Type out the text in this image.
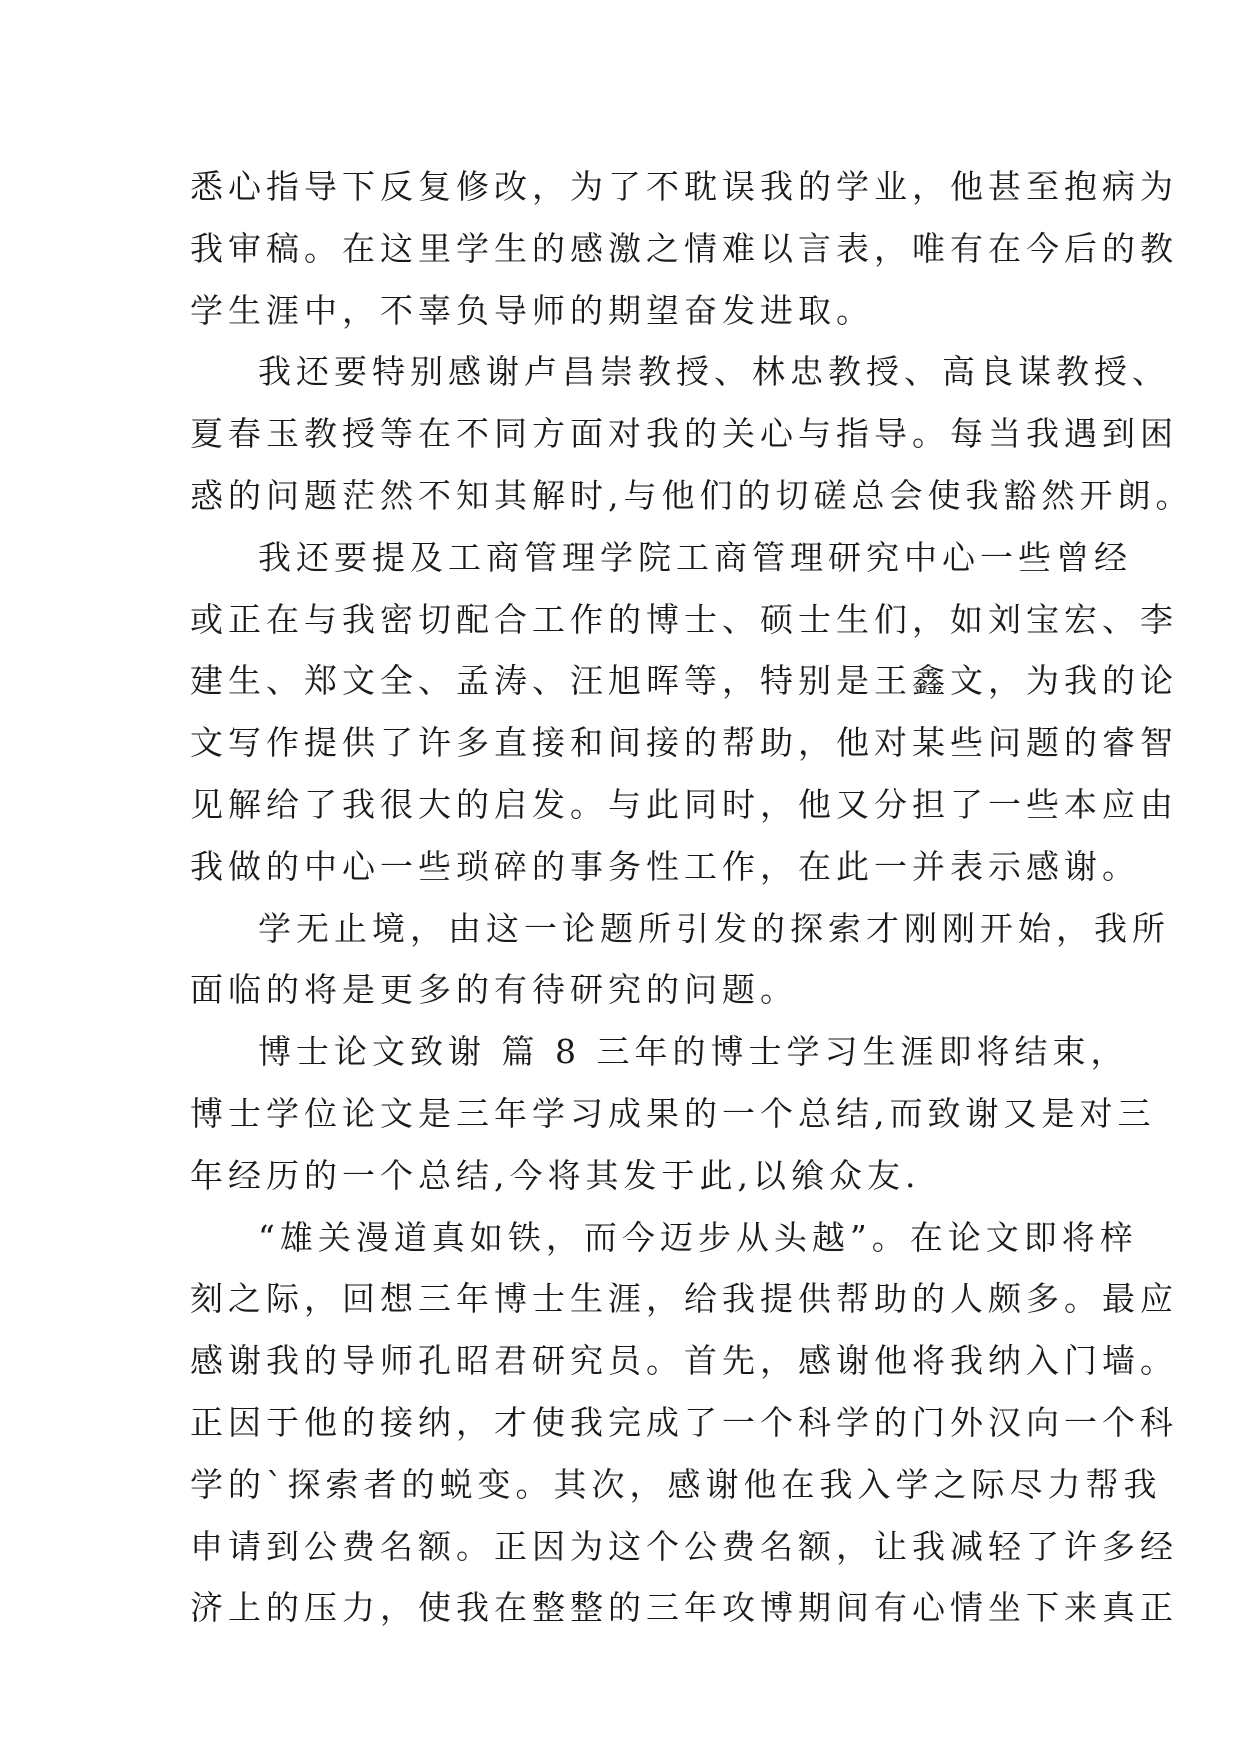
悉心指导下反复修改，为了不耽误我的学业，他甚至抱病为
我审稿。在这里学生的感激之情难以言表，唯有在今后的教
学生涯中，不辜负导师的期望奋发进取。
我还要特别感谢卢昌崇教授、林忠教授、高良谋教授、
夏春玉教授等在不同方面对我的关心与指导。每当我遇到困
惑的问题茫然不知其解时,与他们的切磋总会使我豁然开朗。
我还要提及工商管理学院工商管理研究中心一些曾经
或正在与我密切配合工作的博士、硕士生们，如刘宝宏、李
建生、郑文全、孟涛、汪旭晖等，特别是王鑫文，为我的论
文写作提供了许多直接和间接的帮助，他对某些问题的睿智
见解给了我很大的启发。与此同时，他又分担了一些本应由
我做的中心一些琐碎的事务性工作，在此一并表示感谢。
学无止境，由这一论题所引发的探索才刚刚开始，我所
面临的将是更多的有待研究的问题。
博士论文致谢 篇 8 三年的博士学习生涯即将结束，
博士学位论文是三年学习成果的一个总结,而致谢又是对三
年经历的一个总结,今将其发于此,以飨众友.
“雄关漫道真如铁，而今迈步从头越”。在论文即将梓
刻之际，回想三年博士生涯，给我提供帮助的人颇多。最应
感谢我的导师孔昭君研究员。首先，感谢他将我纳入门墙。
正因于他的接纳，才使我完成了一个科学的门外汉向一个科
学的`探索者的蜕变。其次，感谢他在我入学之际尽力帮我
申请到公费名额。正因为这个公费名额，让我减轻了许多经
济上的压力，使我在整整的三年攻博期间有心情坐下来真正
